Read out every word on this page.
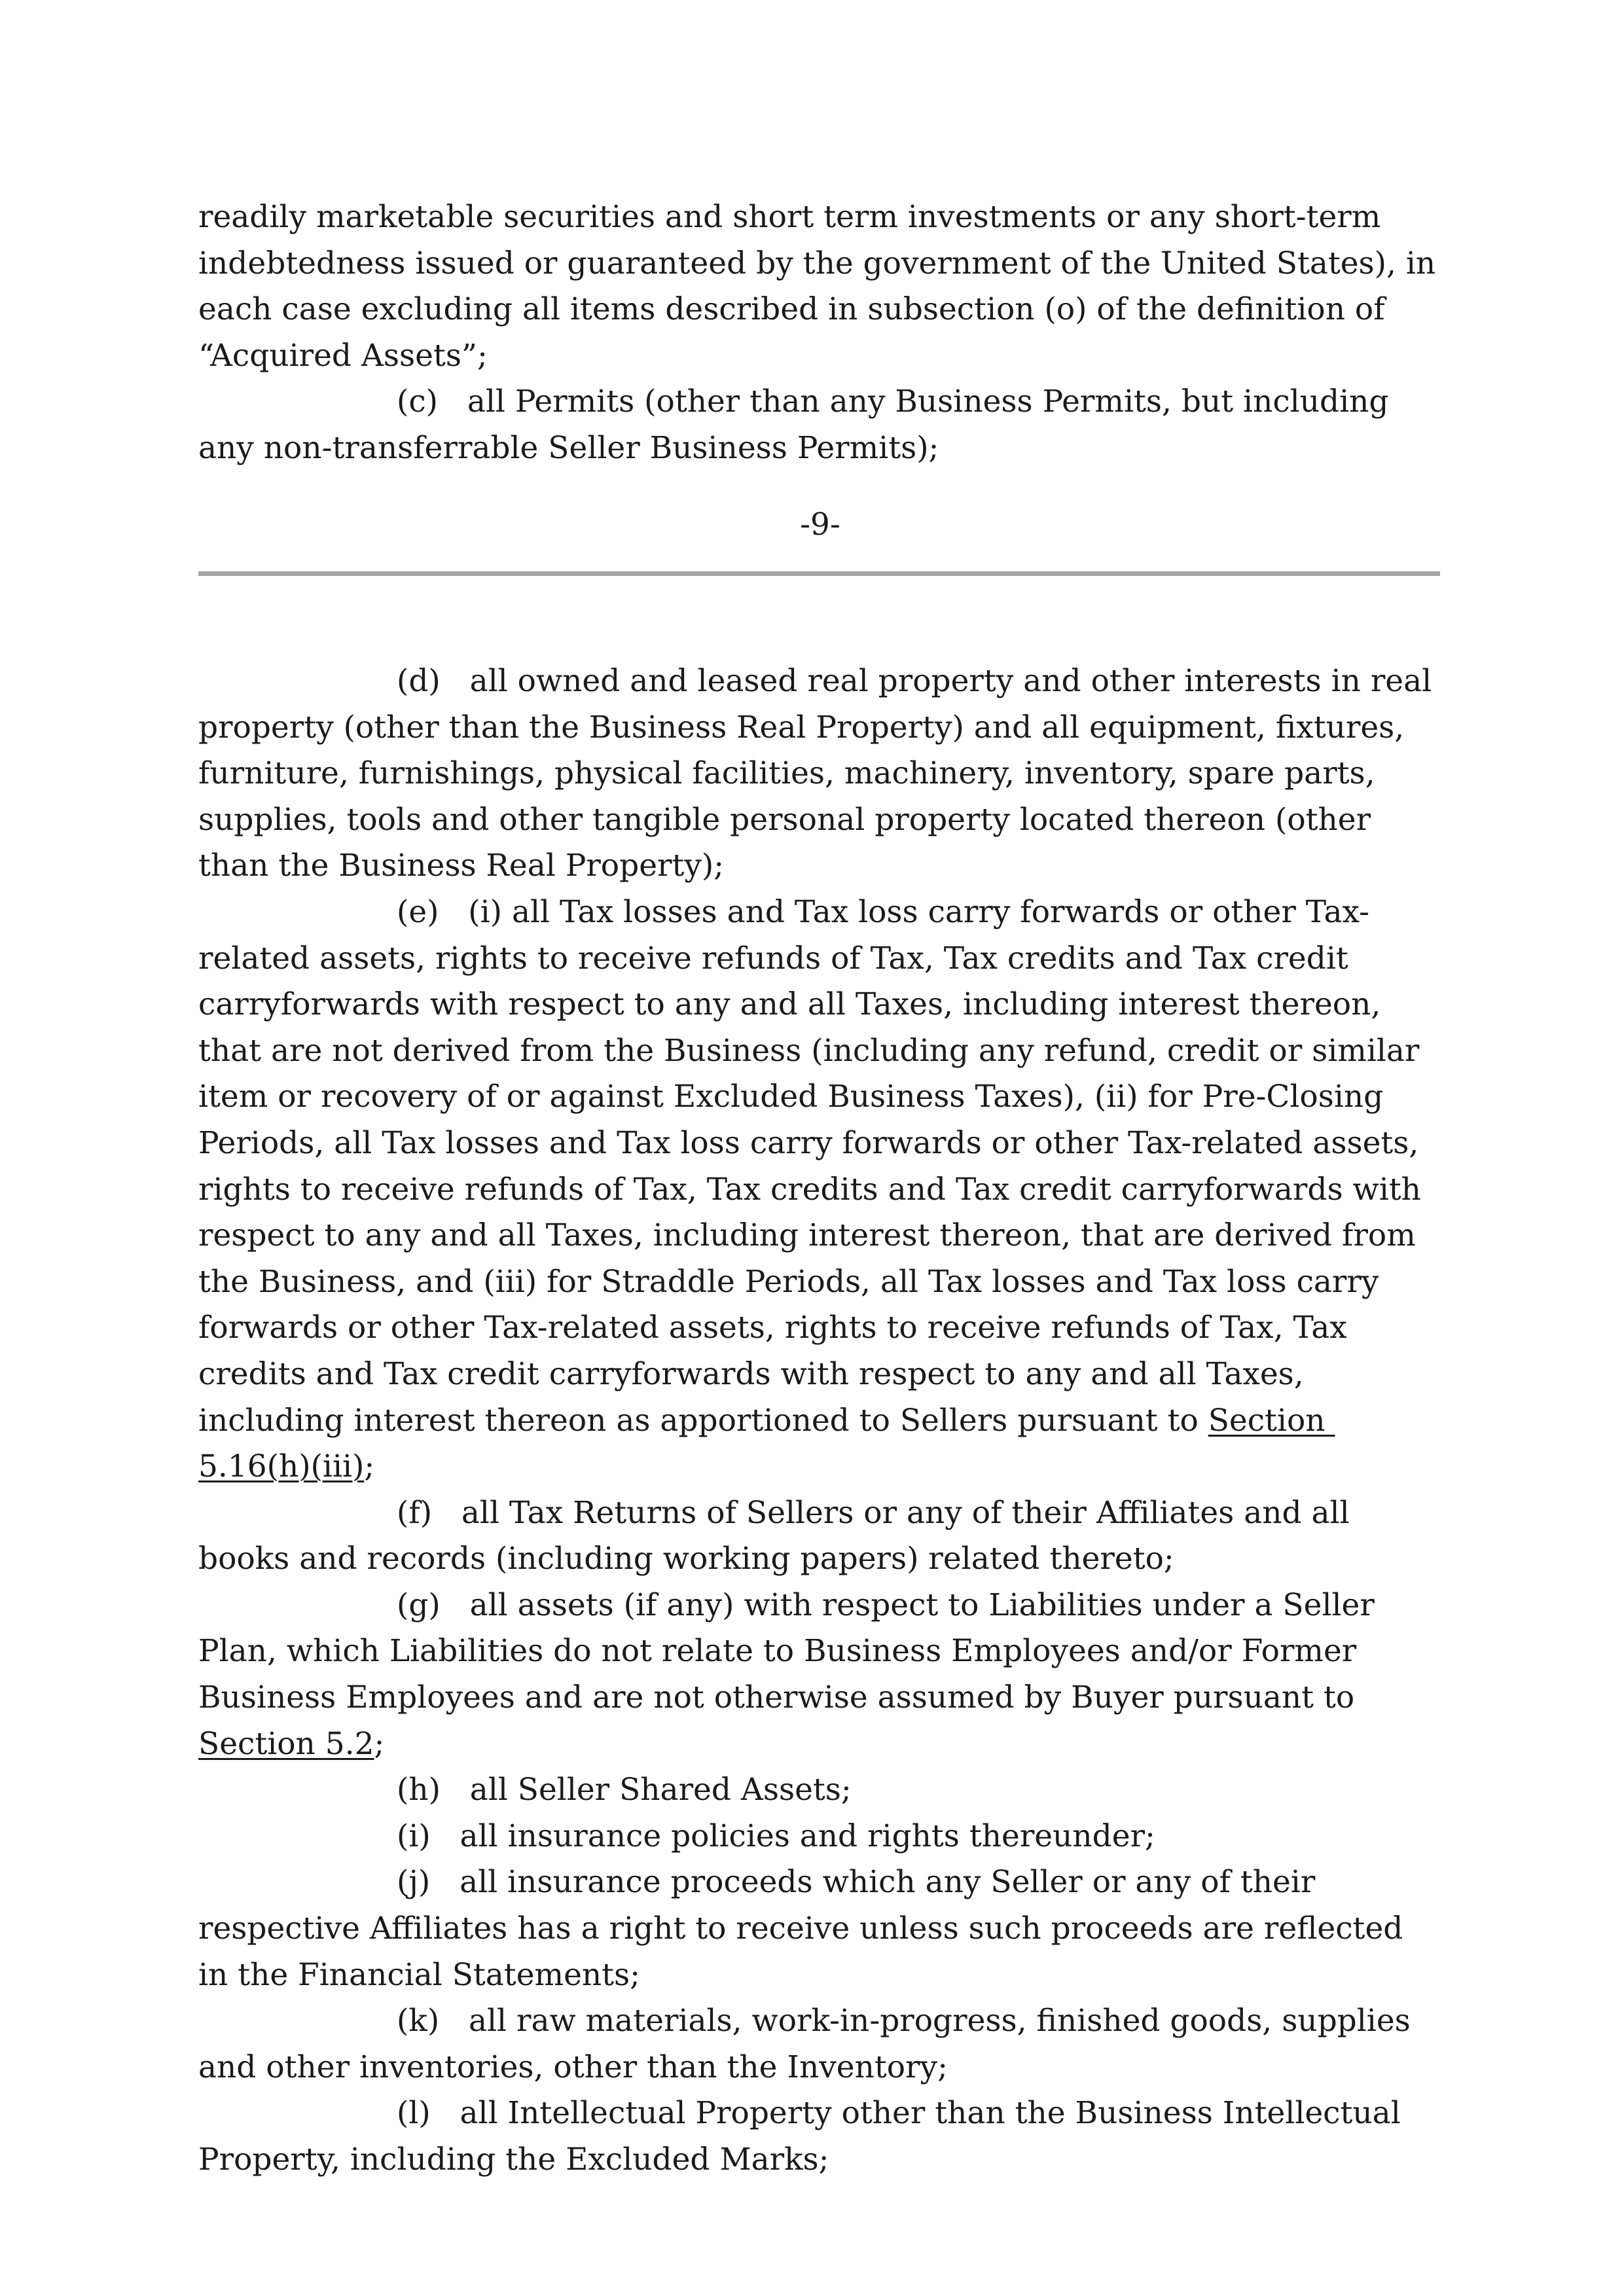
readily marketable securities and short term investments or any short-term indebtedness issued or guaranteed by the government of the United States), in each case excluding all items described in subsection (o) of the definition of “Acquired Assets”;

(c)   all Permits (other than any Business Permits, but including any non-transferrable Seller Business Permits);

-9-

(d)   all owned and leased real property and other interests in real property (other than the Business Real Property) and all equipment, fixtures, furniture, furnishings, physical facilities, machinery, inventory, spare parts, supplies, tools and other tangible personal property located thereon (other than the Business Real Property);

(e)   (i) all Tax losses and Tax loss carry forwards or other Tax-related assets, rights to receive refunds of Tax, Tax credits and Tax credit carryforwards with respect to any and all Taxes, including interest thereon, that are not derived from the Business (including any refund, credit or similar item or recovery of or against Excluded Business Taxes), (ii) for Pre-Closing Periods, all Tax losses and Tax loss carry forwards or other Tax-related assets, rights to receive refunds of Tax, Tax credits and Tax credit carryforwards with respect to any and all Taxes, including interest thereon, that are derived from the Business, and (iii) for Straddle Periods, all Tax losses and Tax loss carry forwards or other Tax-related assets, rights to receive refunds of Tax, Tax credits and Tax credit carryforwards with respect to any and all Taxes, including interest thereon as apportioned to Sellers pursuant to Section 5.16(h)(iii);

(f)   all Tax Returns of Sellers or any of their Affiliates and all books and records (including working papers) related thereto;

(g)   all assets (if any) with respect to Liabilities under a Seller Plan, which Liabilities do not relate to Business Employees and/or Former Business Employees and are not otherwise assumed by Buyer pursuant to Section 5.2;

(h)   all Seller Shared Assets;

(i)   all insurance policies and rights thereunder;

(j)   all insurance proceeds which any Seller or any of their respective Affiliates has a right to receive unless such proceeds are reflected in the Financial Statements;

(k)   all raw materials, work-in-progress, finished goods, supplies and other inventories, other than the Inventory;

(l)   all Intellectual Property other than the Business Intellectual Property, including the Excluded Marks;
